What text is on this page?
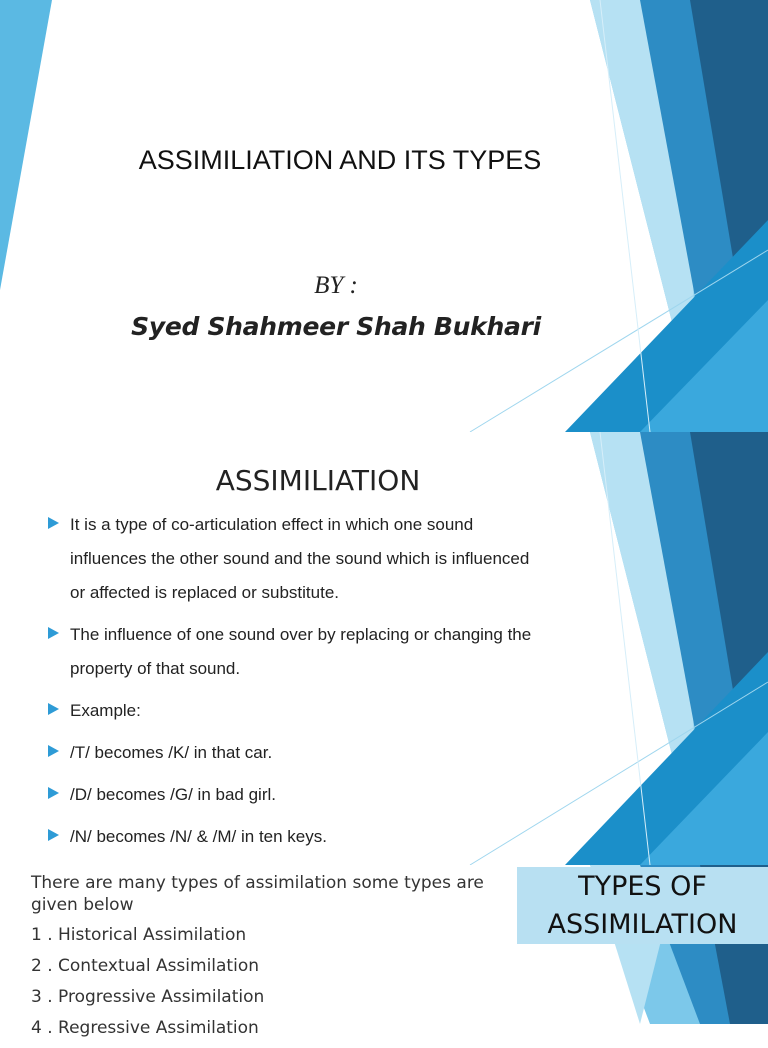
ASSIMILIATION AND ITS TYPES
BY :
Syed Shahmeer Shah Bukhari
ASSIMILIATION
It is a type of co-articulation effect in which one sound
influences the other sound and the sound which is influenced
or affected is replaced or substitute.
The influence of one sound over by replacing or changing the
property of that sound.
Example:
/T/ becomes /K/ in that car.
/D/ becomes /G/ in bad girl.
/N/ becomes /N/ & /M/ in ten keys.
There are many types of assimilation some types are given below
1 . Historical Assimilation
2 . Contextual Assimilation
3 . Progressive Assimilation
4 . Regressive Assimilation
TYPES OF
ASSIMILATION
